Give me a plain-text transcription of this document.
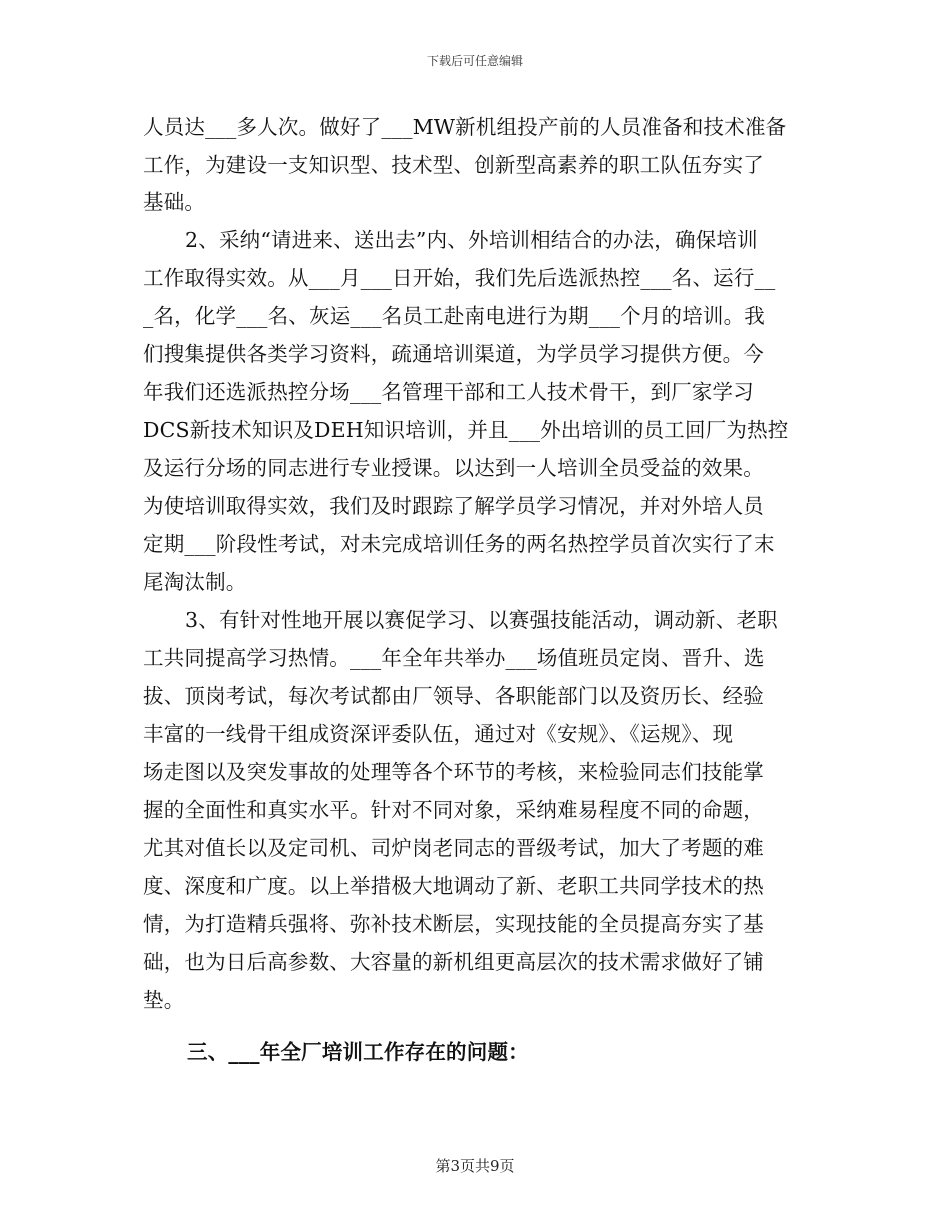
下载后可任意编辑
人员达___多人次。做好了___MW新机组投产前的人员准备和技术准备
工作，为建设一支知识型、技术型、创新型高素养的职工队伍夯实了
基础。
2、采纳“请进来、送出去”内、外培训相结合的办法，确保培训
工作取得实效。从___月___日开始，我们先后选派热控___名、运行__
_名，化学___名、灰运___名员工赴南电进行为期___个月的培训。我
们搜集提供各类学习资料，疏通培训渠道，为学员学习提供方便。今
年我们还选派热控分场___名管理干部和工人技术骨干，到厂家学习
DCS新技术知识及DEH知识培训，并且___外出培训的员工回厂为热控
及运行分场的同志进行专业授课。以达到一人培训全员受益的效果。
为使培训取得实效，我们及时跟踪了解学员学习情况，并对外培人员
定期___阶段性考试，对未完成培训任务的两名热控学员首次实行了末
尾淘汰制。
3、有针对性地开展以赛促学习、以赛强技能活动，调动新、老职
工共同提高学习热情。___年全年共举办___场值班员定岗、晋升、选
拔、顶岗考试，每次考试都由厂领导、各职能部门以及资历长、经验
丰富的一线骨干组成资深评委队伍，通过对《安规》、《运规》、现
场走图以及突发事故的处理等各个环节的考核，来检验同志们技能掌
握的全面性和真实水平。针对不同对象，采纳难易程度不同的命题，
尤其对值长以及定司机、司炉岗老同志的晋级考试，加大了考题的难
度、深度和广度。以上举措极大地调动了新、老职工共同学技术的热
情，为打造精兵强将、弥补技术断层，实现技能的全员提高夯实了基
础，也为日后高参数、大容量的新机组更高层次的技术需求做好了铺
垫。
三、___年全厂培训工作存在的问题：
第3页共9页
